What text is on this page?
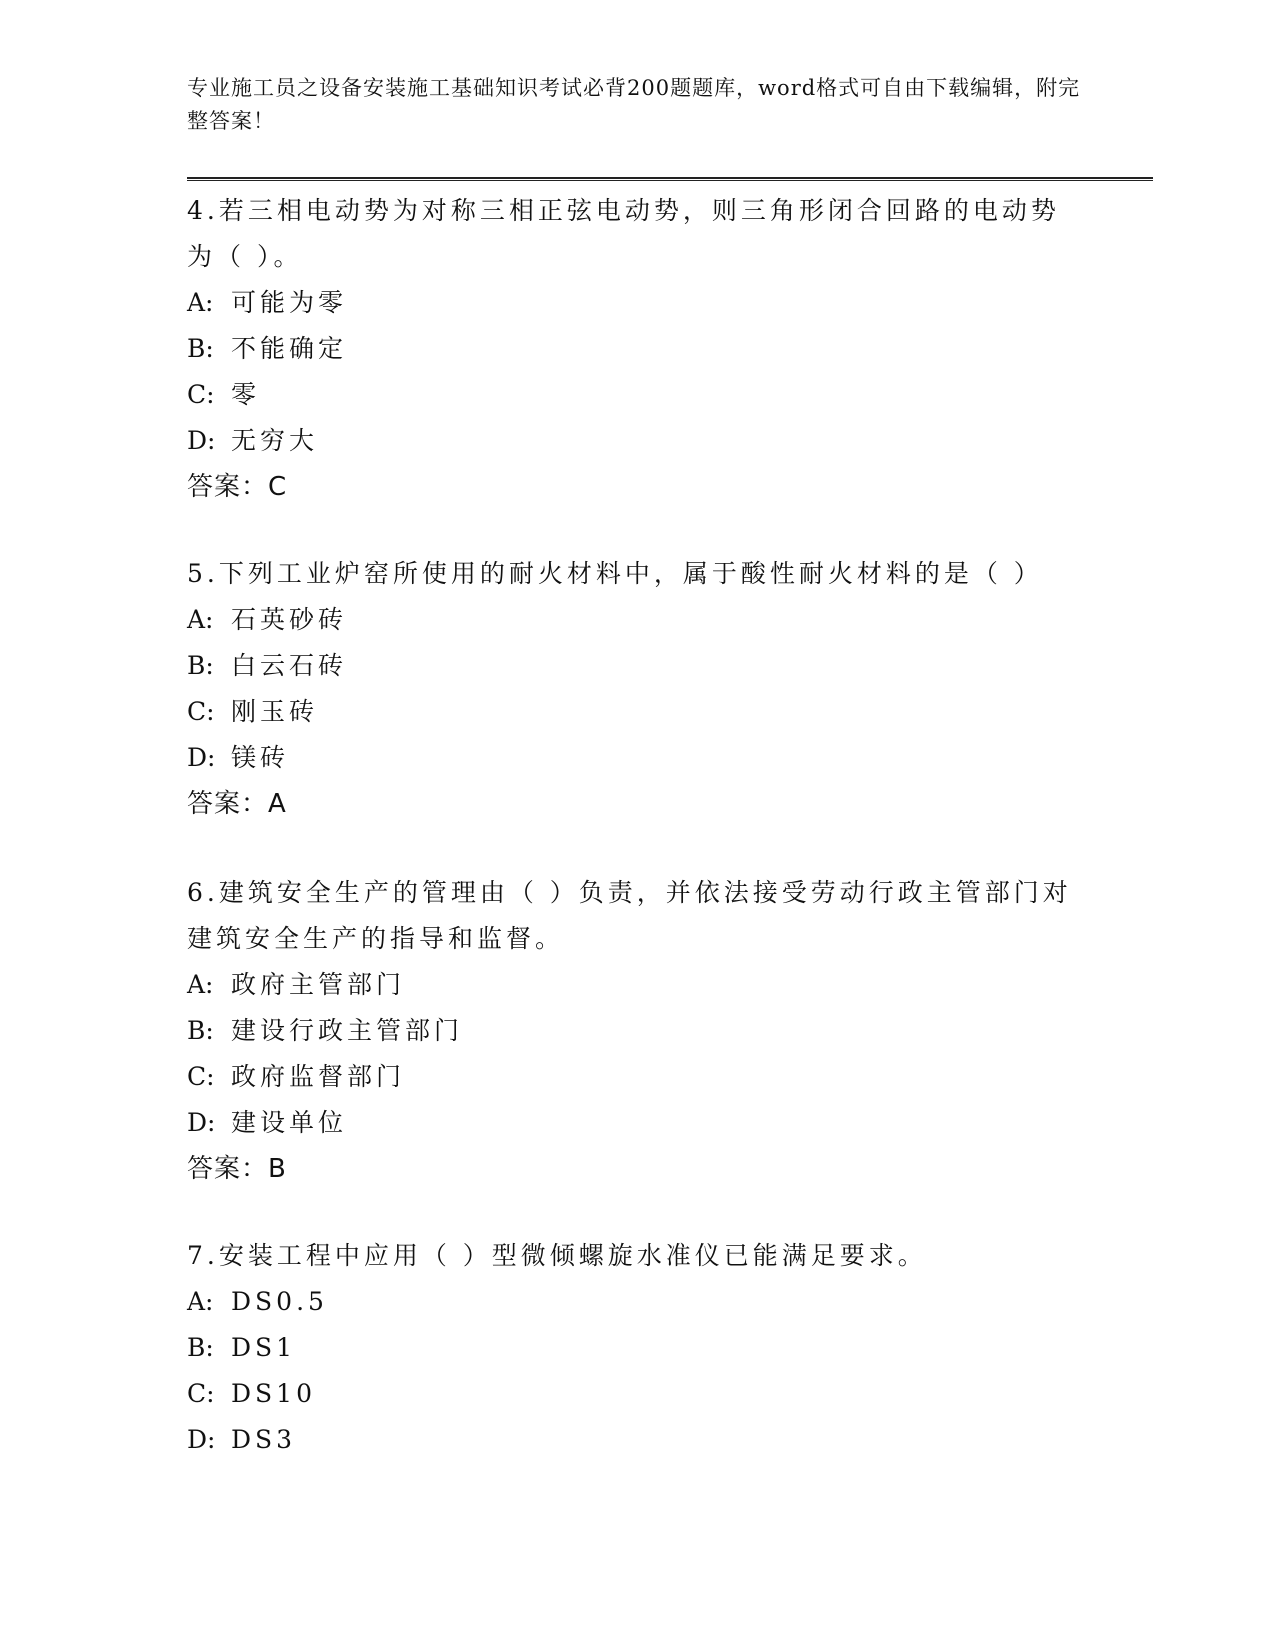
专业施工员之设备安装施工基础知识考试必背200题题库，word格式可自由下载编辑，附完整答案！

4.若三相电动势为对称三相正弦电动势，则三角形闭合回路的电动势为（ ）。

A: 可能为零
B: 不能确定
C: 零
D: 无穷大

答案：C

5.下列工业炉窑所使用的耐火材料中，属于酸性耐火材料的是（ ）

A: 石英砂砖
B: 白云石砖
C: 刚玉砖
D: 镁砖

答案：A

6.建筑安全生产的管理由（ ）负责，并依法接受劳动行政主管部门对建筑安全生产的指导和监督。

A: 政府主管部门
B: 建设行政主管部门
C: 政府监督部门
D: 建设单位

答案：B

7.安装工程中应用（ ）型微倾螺旋水准仪已能满足要求。

A: DS0.5
B: DS1
C: DS10
D: DS3
